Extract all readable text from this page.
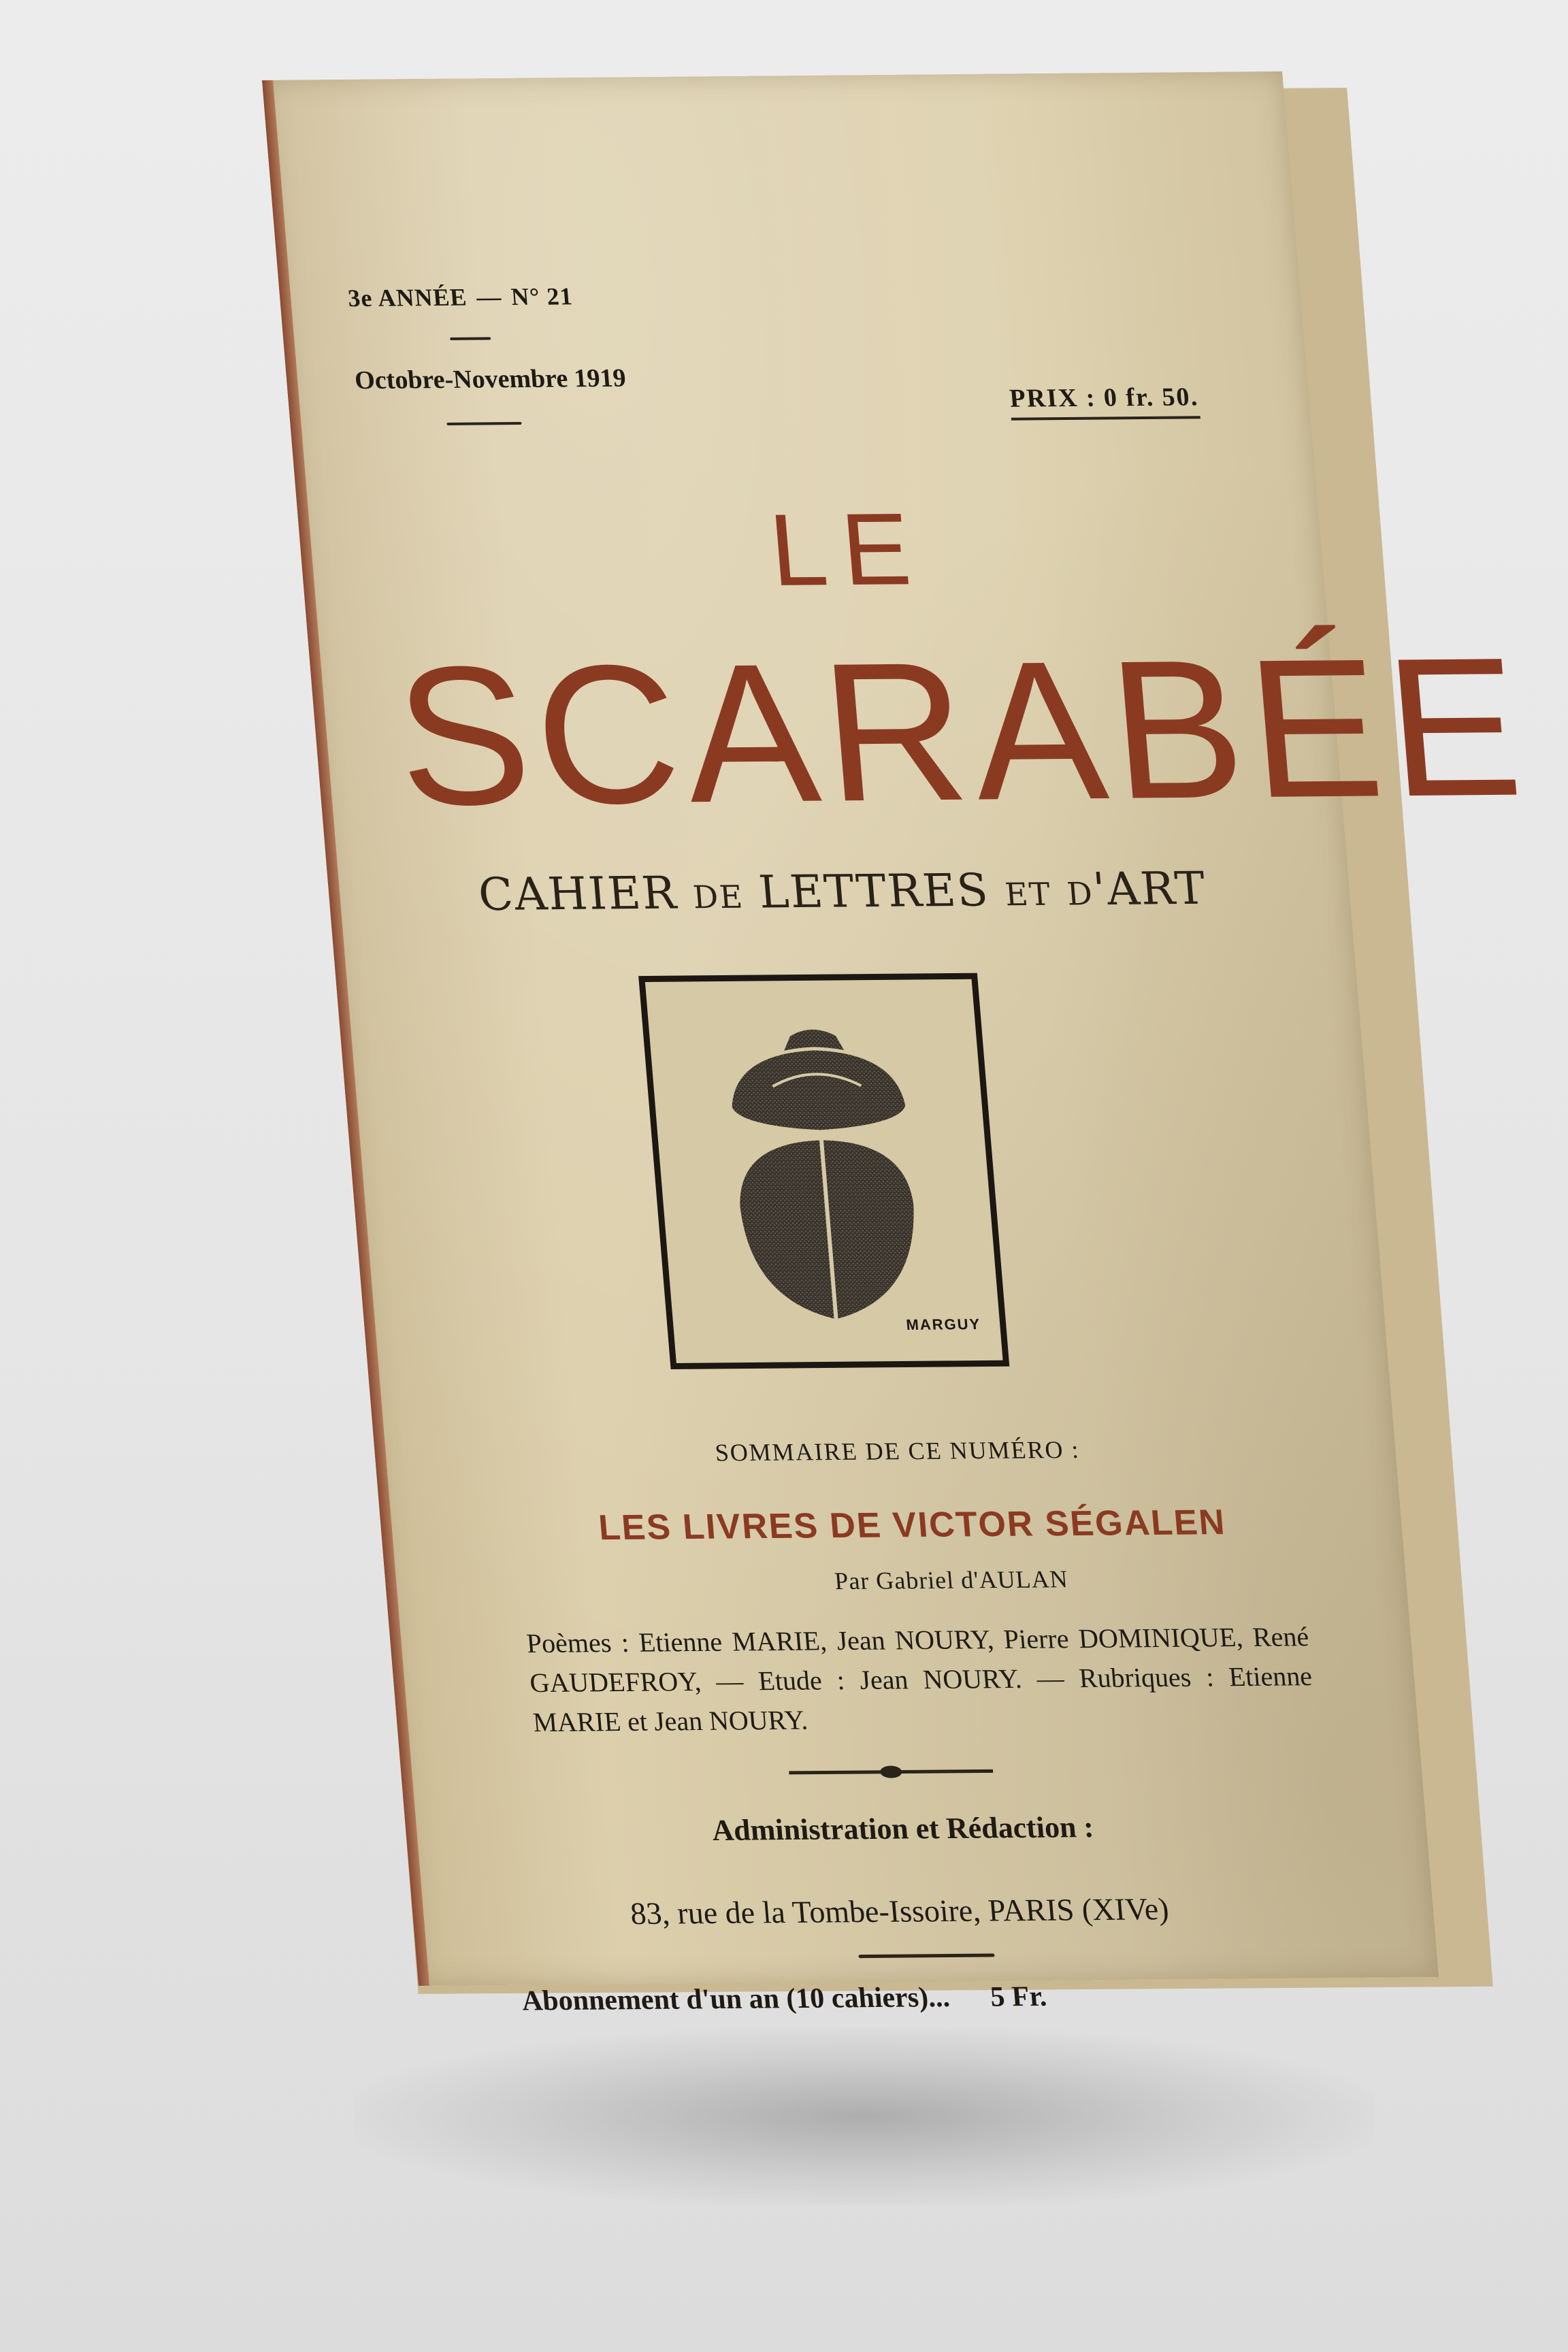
3e ANNÉE — N° 21
Octobre-Novembre 1919
PRIX : 0 fr. 50.
LE
SCARABÉE
CAHIER de LETTRES et d'ART
MARGUY
SOMMAIRE DE CE NUMÉRO :
LES LIVRES DE VICTOR SÉGALEN
Par Gabriel d'AULAN
Poèmes : Etienne MARIE, Jean NOURY, Pierre DOMINIQUE, René GAUDEFROY, — Etude : Jean NOURY. — Rubriques : Etienne MARIE et Jean NOURY.
Administration et Rédaction :
83, rue de la Tombe-Issoire, PARIS (XIVe)
Abonnement d'un an (10 cahiers)... 5 Fr.
